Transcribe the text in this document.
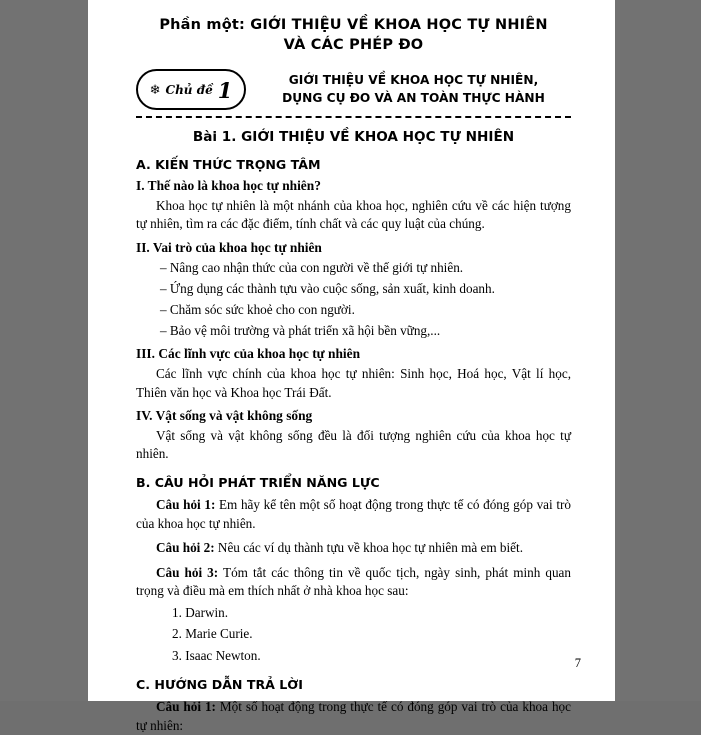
Phần một: GIỚI THIỆU VỀ KHOA HỌC TỰ NHIÊN
VÀ CÁC PHÉP ĐO
❄ Chủ đề 1	GIỚI THIỆU VỀ KHOA HỌC TỰ NHIÊN,
DỤNG CỤ ĐO VÀ AN TOÀN THỰC HÀNH
Bài 1. GIỚI THIỆU VỀ KHOA HỌC TỰ NHIÊN
A. KIẾN THỨC TRỌNG TÂM
I. Thế nào là khoa học tự nhiên?
Khoa học tự nhiên là một nhánh của khoa học, nghiên cứu về các hiện tượng tự nhiên, tìm ra các đặc điểm, tính chất và các quy luật của chúng.
II. Vai trò của khoa học tự nhiên
– Nâng cao nhận thức của con người về thế giới tự nhiên.
– Ứng dụng các thành tựu vào cuộc sống, sản xuất, kinh doanh.
– Chăm sóc sức khoẻ cho con người.
– Bảo vệ môi trường và phát triển xã hội bền vững,...
III. Các lĩnh vực của khoa học tự nhiên
Các lĩnh vực chính của khoa học tự nhiên: Sinh học, Hoá học, Vật lí học, Thiên văn học và Khoa học Trái Đất.
IV. Vật sống và vật không sống
Vật sống và vật không sống đều là đối tượng nghiên cứu của khoa học tự nhiên.
B. CÂU HỎI PHÁT TRIỂN NĂNG LỰC
Câu hỏi 1: Em hãy kể tên một số hoạt động trong thực tế có đóng góp vai trò của khoa học tự nhiên.
Câu hỏi 2: Nêu các ví dụ thành tựu về khoa học tự nhiên mà em biết.
Câu hỏi 3: Tóm tắt các thông tin về quốc tịch, ngày sinh, phát minh quan trọng và điều mà em thích nhất ở nhà khoa học sau:
1. Darwin.
2. Marie Curie.
3. Isaac Newton.
C. HƯỚNG DẪN TRẢ LỜI
Câu hỏi 1: Một số hoạt động trong thực tế có đóng góp vai trò của khoa học tự nhiên:
7
